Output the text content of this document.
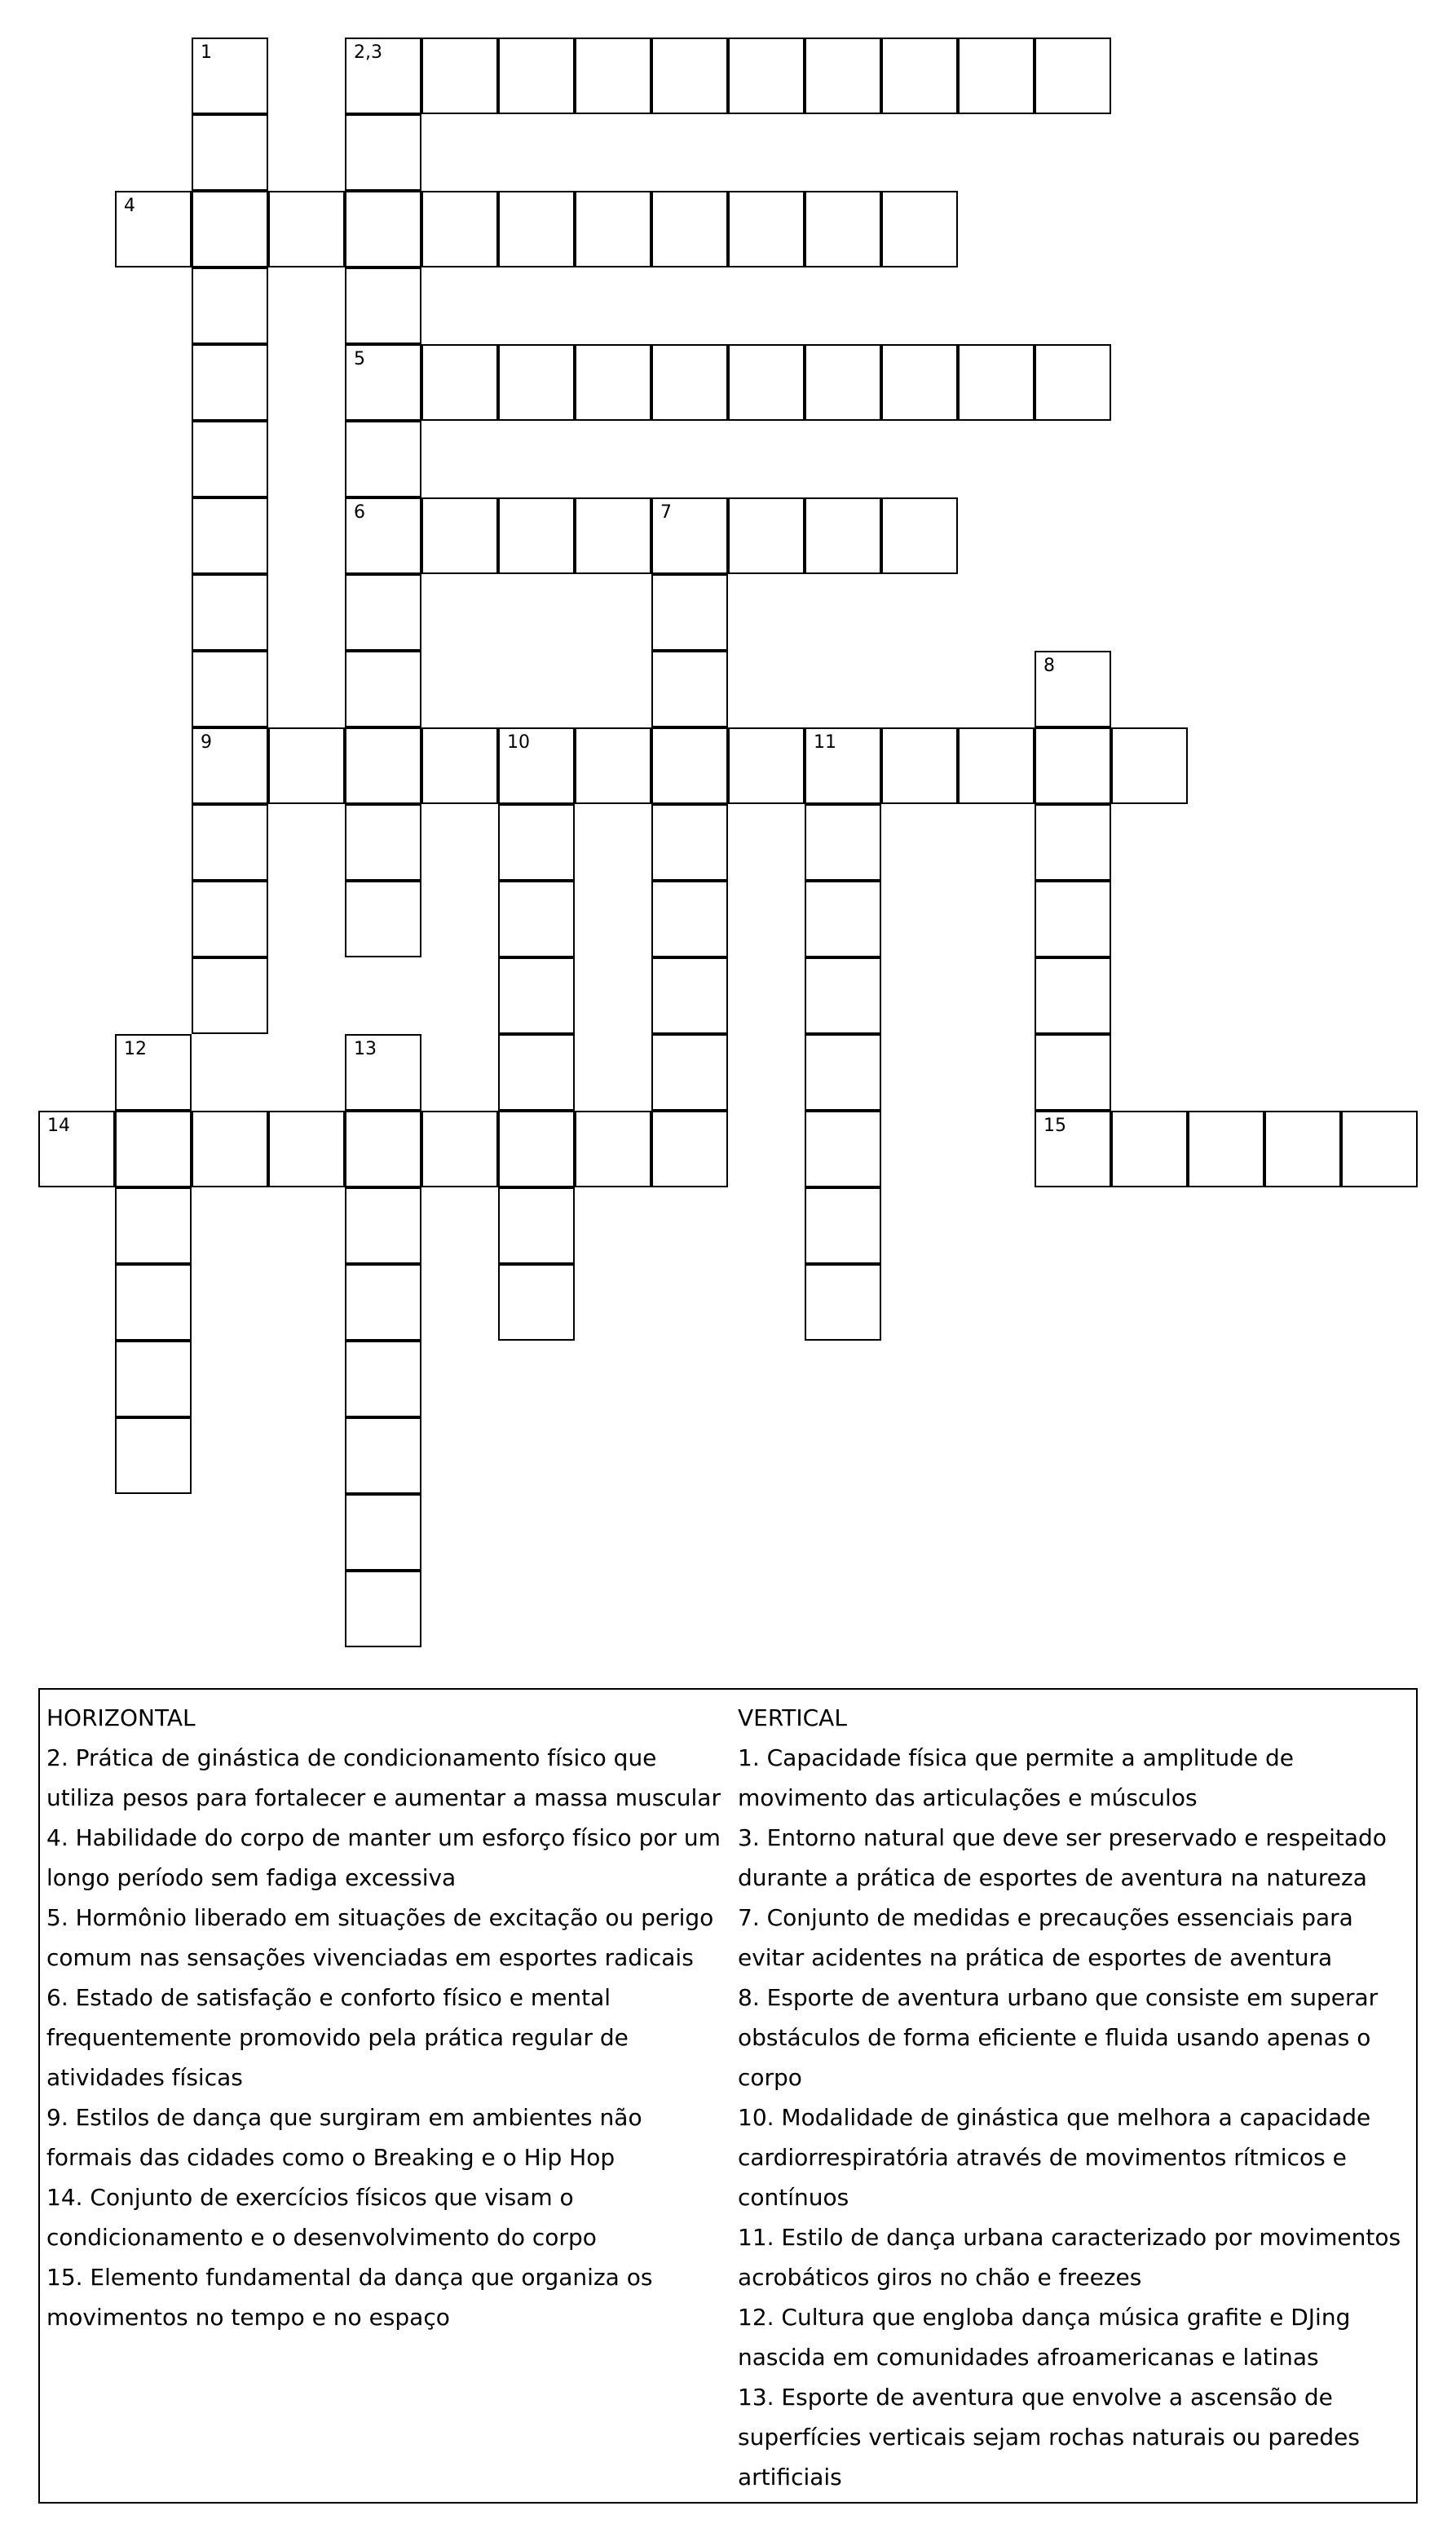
2,3
1
9
5
6
4
7
8
15
10	11
12	13
14

HORIZONTAL

2. Prática de ginástica de condicionamento físico que utiliza pesos para fortalecer e aumentar a massa muscular

4. Habilidade do corpo de manter um esforço físico por um longo período sem fadiga excessiva

5. Hormônio liberado em situações de excitação ou perigo comum nas sensações vivenciadas em esportes radicais

6. Estado de satisfação e conforto físico e mental frequentemente promovido pela prática regular de atividades físicas

9. Estilos de dança que surgiram em ambientes não formais das cidades como o Breaking e o Hip Hop

14. Conjunto de exercícios físicos que visam o condicionamento e o desenvolvimento do corpo

15. Elemento fundamental da dança que organiza os movimentos no tempo e no espaço

VERTICAL

1. Capacidade física que permite a amplitude de movimento das articulações e músculos

3. Entorno natural que deve ser preservado e respeitado durante a prática de esportes de aventura na natureza

7. Conjunto de medidas e precauções essenciais para evitar acidentes na prática de esportes de aventura

8. Esporte de aventura urbano que consiste em superar obstáculos de forma eficiente e fluida usando apenas o corpo

10. Modalidade de ginástica que melhora a capacidade cardiorrespiratória através de movimentos rítmicos e contínuos

11. Estilo de dança urbana caracterizado por movimentos acrobáticos giros no chão e freezes

12. Cultura que engloba dança música grafite e DJing nascida em comunidades afroamericanas e latinas

13. Esporte de aventura que envolve a ascensão de superfícies verticais sejam rochas naturais ou paredes artificiais
